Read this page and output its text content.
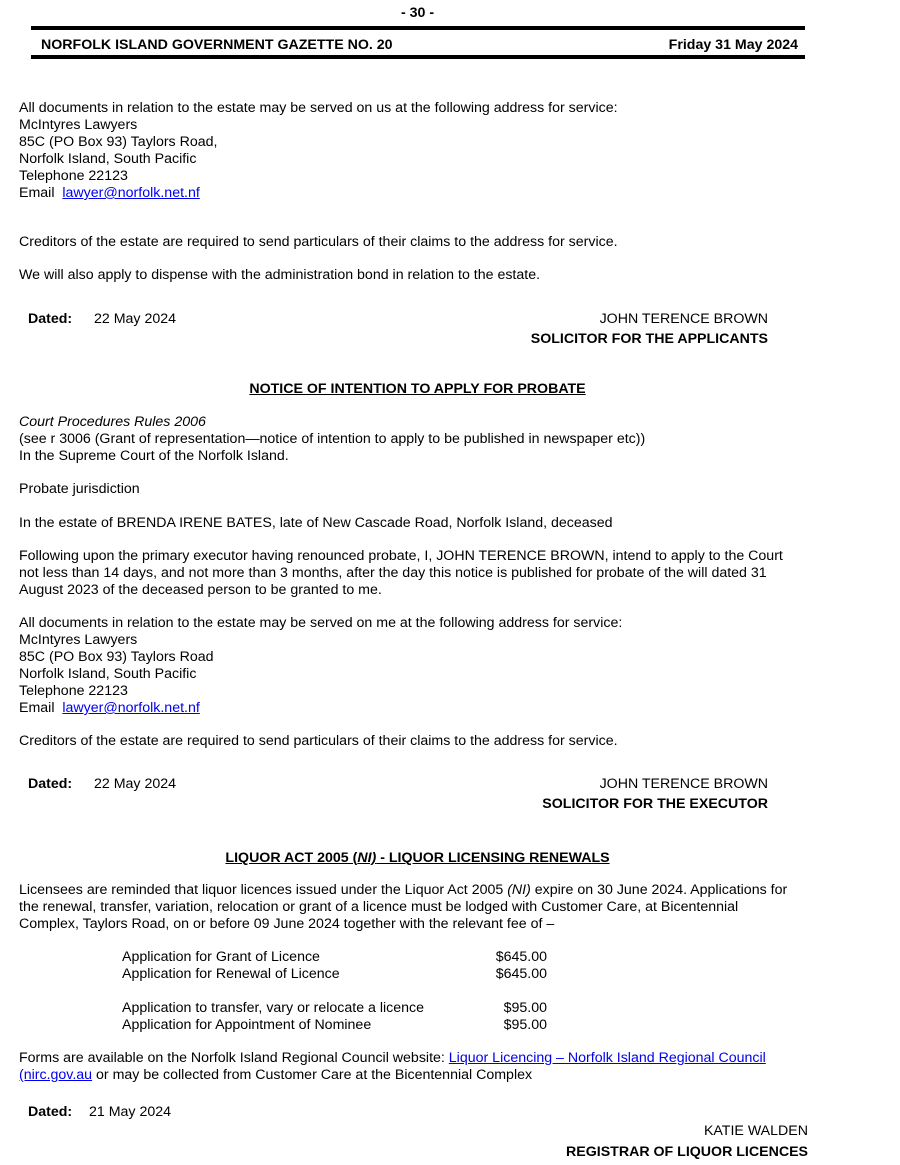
- 30 -
NORFOLK ISLAND GOVERNMENT GAZETTE NO. 20	Friday 31 May 2024
All documents in relation to the estate may be served on us at the following address for service:
McIntyres Lawyers
85C (PO Box 93) Taylors Road,
Norfolk Island, South Pacific
Telephone 22123
Email lawyer@norfolk.net.nf
Creditors of the estate are required to send particulars of their claims to the address for service.
We will also apply to dispense with the administration bond in relation to the estate.
Dated: 22 May 2024	JOHN TERENCE BROWN
SOLICITOR FOR THE APPLICANTS
NOTICE OF INTENTION TO APPLY FOR PROBATE
Court Procedures Rules 2006
(see r 3006 (Grant of representation—notice of intention to apply to be published in newspaper etc))
In the Supreme Court of the Norfolk Island.
Probate jurisdiction
In the estate of BRENDA IRENE BATES, late of New Cascade Road, Norfolk Island, deceased
Following upon the primary executor having renounced probate, I, JOHN TERENCE BROWN, intend to apply to the Court
not less than 14 days, and not more than 3 months, after the day this notice is published for probate of the will dated 31
August 2023 of the deceased person to be granted to me.
All documents in relation to the estate may be served on me at the following address for service:
McIntyres Lawyers
85C (PO Box 93) Taylors Road
Norfolk Island, South Pacific
Telephone 22123
Email lawyer@norfolk.net.nf
Creditors of the estate are required to send particulars of their claims to the address for service.
Dated: 22 May 2024	JOHN TERENCE BROWN
SOLICITOR FOR THE EXECUTOR
LIQUOR ACT 2005 (NI) - LIQUOR LICENSING RENEWALS
Licensees are reminded that liquor licences issued under the Liquor Act 2005 (NI) expire on 30 June 2024. Applications for
the renewal, transfer, variation, relocation or grant of a licence must be lodged with Customer Care, at Bicentennial
Complex, Taylors Road, on or before 09 June 2024 together with the relevant fee of –
Application for Grant of Licence	$645.00
Application for Renewal of Licence	$645.00
Application to transfer, vary or relocate a licence	$95.00
Application for Appointment of Nominee	$95.00
Forms are available on the Norfolk Island Regional Council website: Liquor Licencing – Norfolk Island Regional Council
(nirc.gov.au or may be collected from Customer Care at the Bicentennial Complex
Dated: 21 May 2024
KATIE WALDEN
REGISTRAR OF LIQUOR LICENCES
